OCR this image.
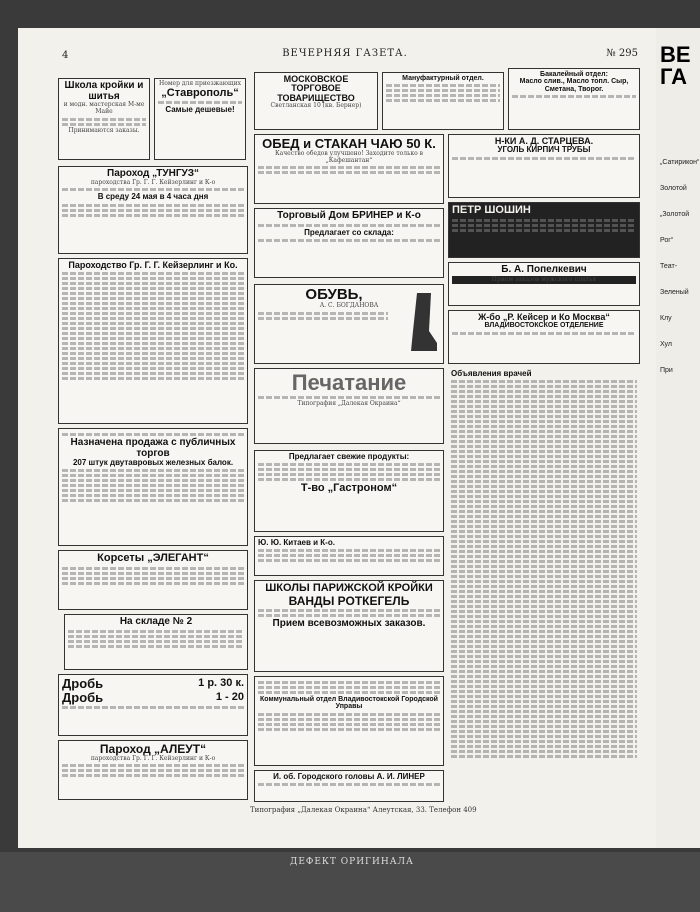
4	ВЕЧЕРНЯЯ ГАЗЕТА.	№ 295
Школа кройки и шитья
и модн. мастерская М-ме Майе
Принимаются заказы.
Номер для приезжающих
„Ставрополь“
Самые дешевые!
Пароход „ТУНГУЗ“
пароходства Гр. Г. Г. Кейзерлинг и К-о
В среду 24 мая в 4 часа дня
Пароходство Гр. Г. Г. Кейзерлинг и Ко.
Назначена продажа с публичных торгов
207 штук двутавровых железных балок.
Корсеты „ЭЛЕГАНТ“
На складе № 2
Дробь	1 р. 30 к.
Дробь	1 - 20
Пароход „АЛЕУТ“
пароходства Гр. Г. Г. Кейзерлинг и К-о
МОСКОВСКОЕ ТОРГОВОЕ ТОВАРИЩЕСТВО
Светланская 10 (кв. Бернер)
Мануфактурный отдел.
Бакалейный отдел:
Масло слив., Масло топл. Сыр, Сметана, Творог.
ОБЕД и СТАКАН ЧАЮ 50 К.
Качество обедов улучшено! Заходите только в „Кафешантан“
Торговый Дом БРИНЕР и К-о
Предлагает со склада:
ОБУВЬ,
А. С. БОГДАНОВА
Печатание
Типография „Далекая Окраина“
Предлагает свежие продукты:
Т-во „Гастроном“
Ю. Ю. Китаев и К-о.
ШКОЛЫ ПАРИЖСКОЙ КРОЙКИ
ВАНДЫ РОТКЕГЕЛЬ
Прием всевозможных заказов.
Коммунальный отдел Владивостокской Городской Управы
И. об. Городского головы А. И. ЛИНЕР
Н-КИ А. Д. СТАРЦЕВА.
УГОЛЬ КИРПИЧ ТРУБЫ
ПЕТР ШОШИН
Б. А. Попелкевич
Прием заказов мужского платья
Ж-бо „Р. Кейсер и Ко Москва“
ВЛАДИВОСТОКСКОЕ ОТДЕЛЕНИЕ
Объявления врачей
ВЕ ГА
„Сатирикон“
Золотой
„Золотой Рог“
Теат-
Зеленый
Клу
Хул
При
Типография „Далекая Окраина“ Алеутская, 33. Телефон 409
ДЕФЕКТ ОРИГИНАЛА
